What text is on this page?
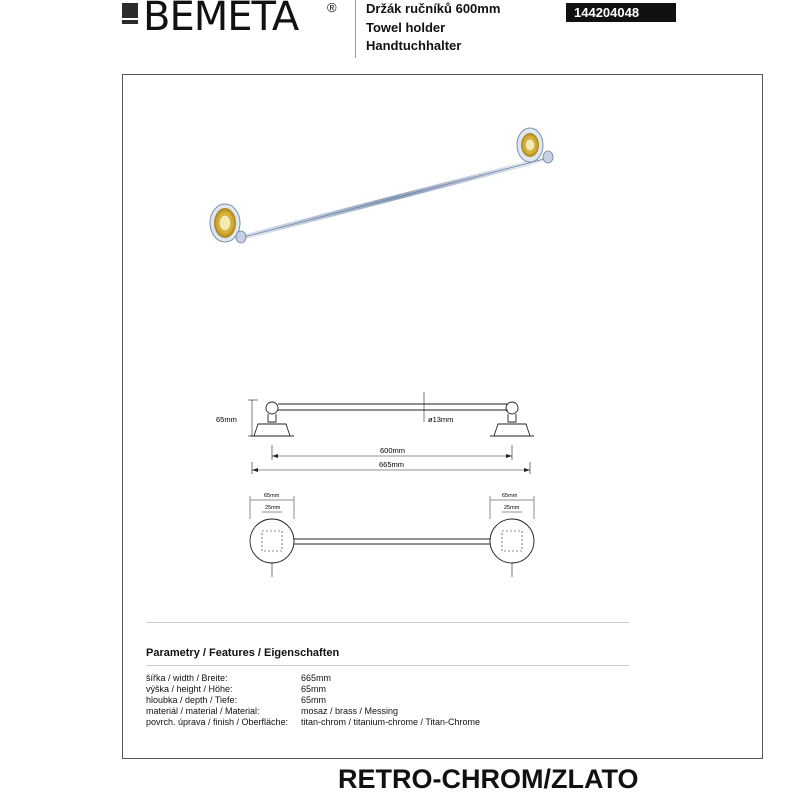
BEMETA ® Držák ručníků 600mm
Towel holder
Handtuchhalter
144204048
65mm	ø13mm
600mm
665mm
65mm
25mm
65mm
25mm
Parametry / Features / Eigenschaften
šířka / width / Breite:	665mm
výška / height / Höhe:	65mm
hloubka / depth / Tiefe:	65mm
materiál / material / Material:	mosaz / brass / Messing
povrch. úprava / finish / Oberfläche:	titan-chrom / titanium-chrome / Titan-Chrome
RETRO-CHROM/ZLATO
